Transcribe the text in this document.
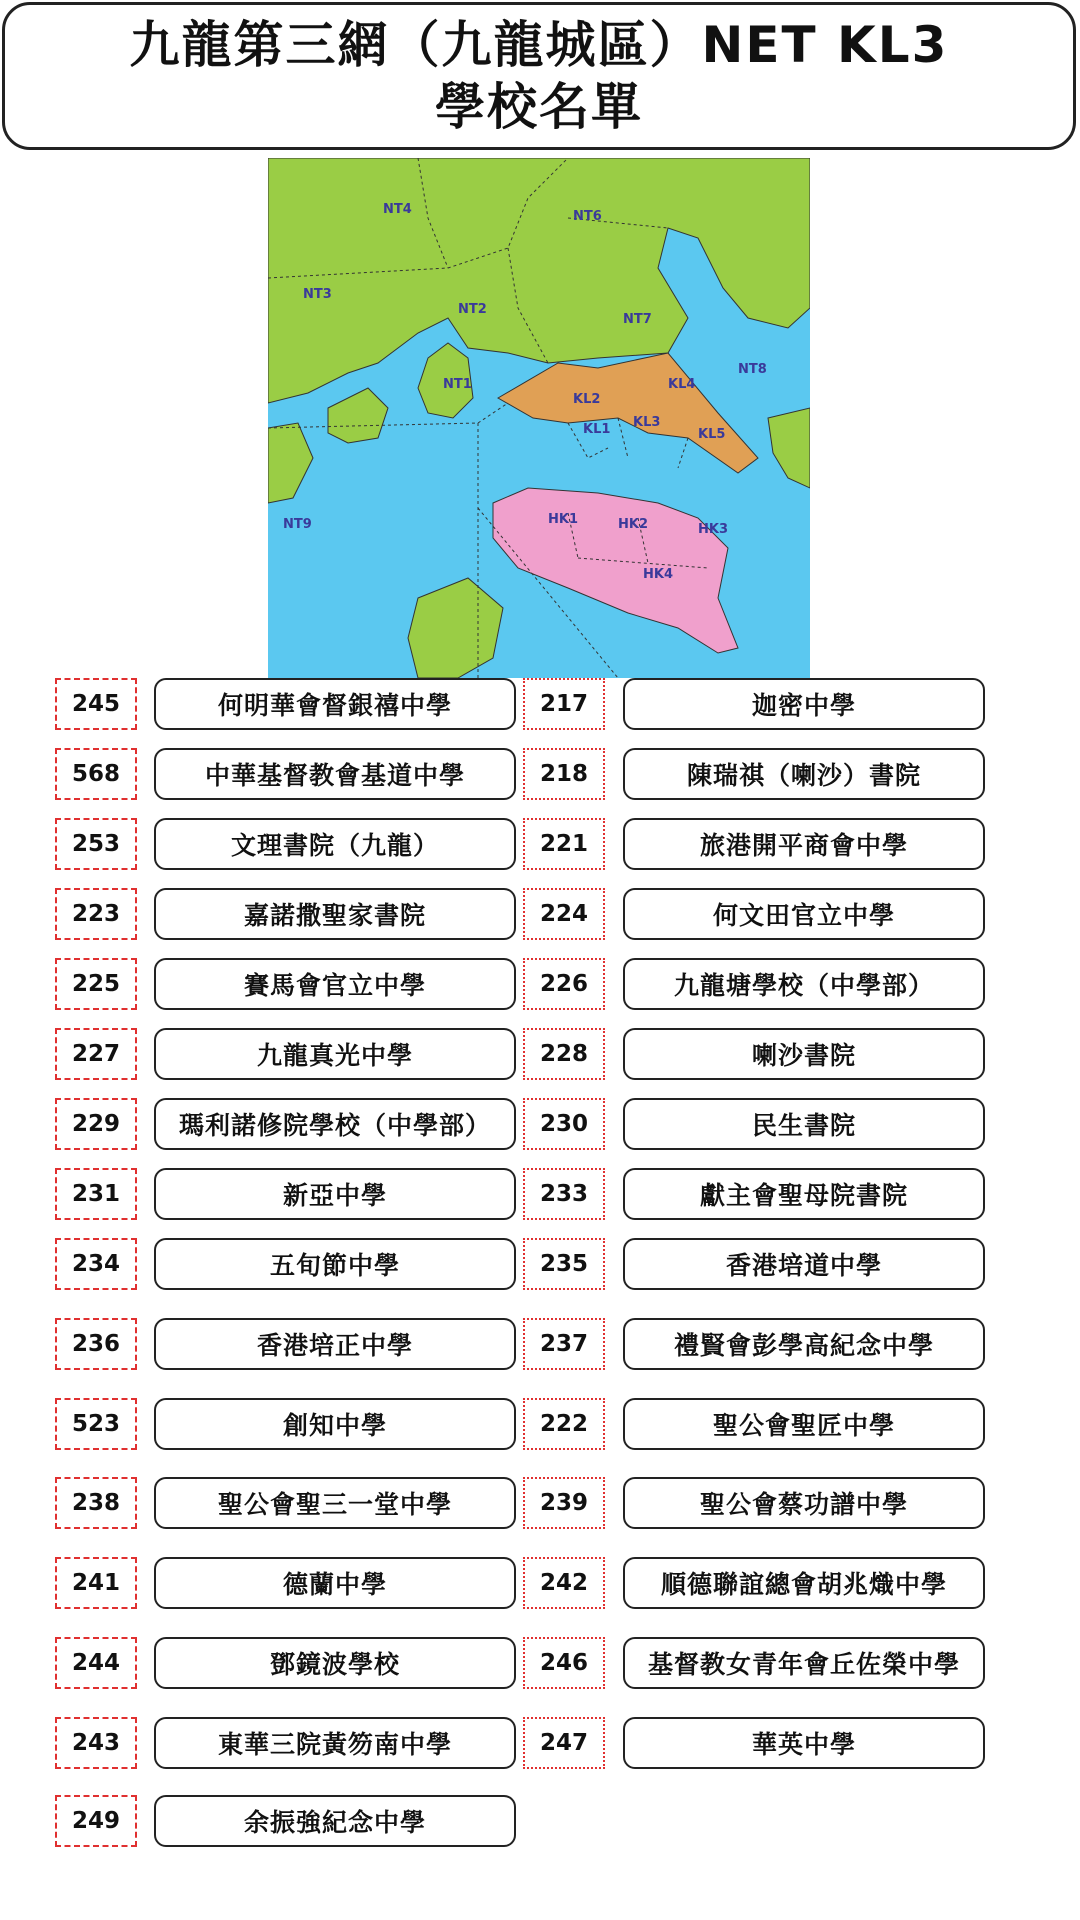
九龍第三網（九龍城區）NET KL3
學校名單
NT4	NT6
NT3
NT2
NT7
NT8
NT1
NT9
KL2
KL4
KL1 KL3
KL5
HK1	HK2	HK3
HK4
245	何明華會督銀禧中學	217	迦密中學
568	中華基督教會基道中學	218	陳瑞祺（喇沙）書院
253	文理書院（九龍）	221	旅港開平商會中學
223	嘉諾撒聖家書院	224	何文田官立中學
225	賽馬會官立中學	226	九龍塘學校（中學部）
227	九龍真光中學	228	喇沙書院
229	瑪利諾修院學校（中學部）	230	民生書院
231	新亞中學	233	獻主會聖母院書院
234	五旬節中學	235	香港培道中學
236	香港培正中學	237	禮賢會彭學高紀念中學
523	創知中學	222	聖公會聖匠中學
238	聖公會聖三一堂中學	239	聖公會蔡功譜中學
241	德蘭中學	242	順德聯誼總會胡兆熾中學
244	鄧鏡波學校	246	基督教女青年會丘佐榮中學
243	東華三院黃笏南中學	247	華英中學
249	余振強紀念中學
